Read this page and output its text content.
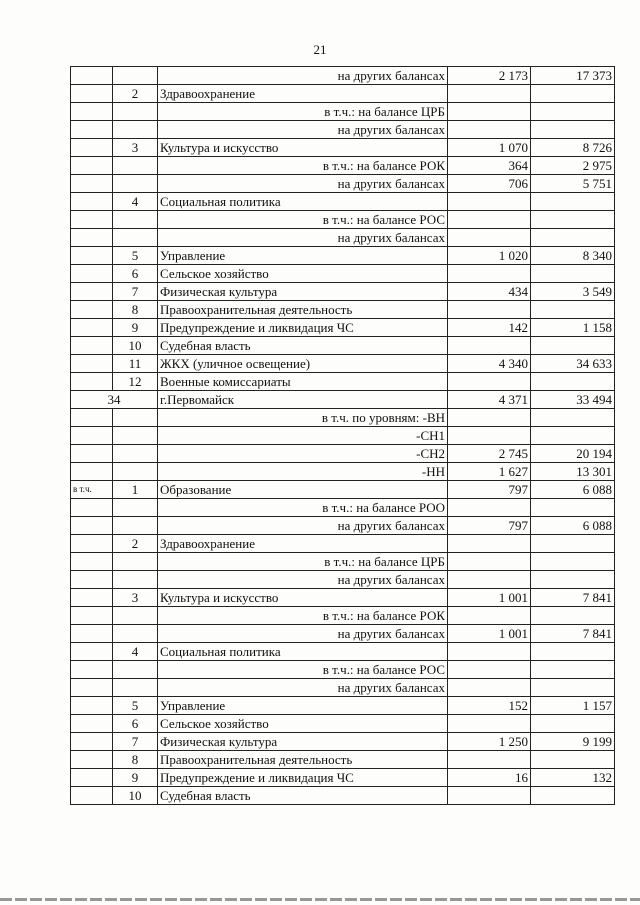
21
		на других балансах	2 173	17 373
	2	Здравоохранение		
		в т.ч.: на балансе ЦРБ		
		на других балансах		
	3	Культура и искусство	1 070	8 726
		в т.ч.: на балансе РОК	364	2 975
		на других балансах	706	5 751
	4	Социальная политика		
		в т.ч.: на балансе РОС		
		на других балансах		
	5	Управление	1 020	8 340
	6	Сельское хозяйство		
	7	Физическая культура	434	3 549
	8	Правоохранительная деятельность		
	9	Предупреждение и ликвидация ЧС	142	1 158
	10	Судебная власть		
	11	ЖКХ (уличное освещение)	4 340	34 633
	12	Военные комиссариаты		
34		г.Первомайск	4 371	33 494
		в т.ч. по уровням: -ВН		
		-СН1		
		-СН2	2 745	20 194
		-НН	1 627	13 301
в т.ч.	1	Образование	797	6 088
		в т.ч.: на балансе РОО		
		на других балансах	797	6 088
	2	Здравоохранение		
		в т.ч.: на балансе ЦРБ		
		на других балансах		
	3	Культура и искусство	1 001	7 841
		в т.ч.: на балансе РОК		
		на других балансах	1 001	7 841
	4	Социальная политика		
		в т.ч.: на балансе РОС		
		на других балансах		
	5	Управление	152	1 157
	6	Сельское хозяйство		
	7	Физическая культура	1 250	9 199
	8	Правоохранительная деятельность		
	9	Предупреждение и ликвидация ЧС	16	132
	10	Судебная власть		
